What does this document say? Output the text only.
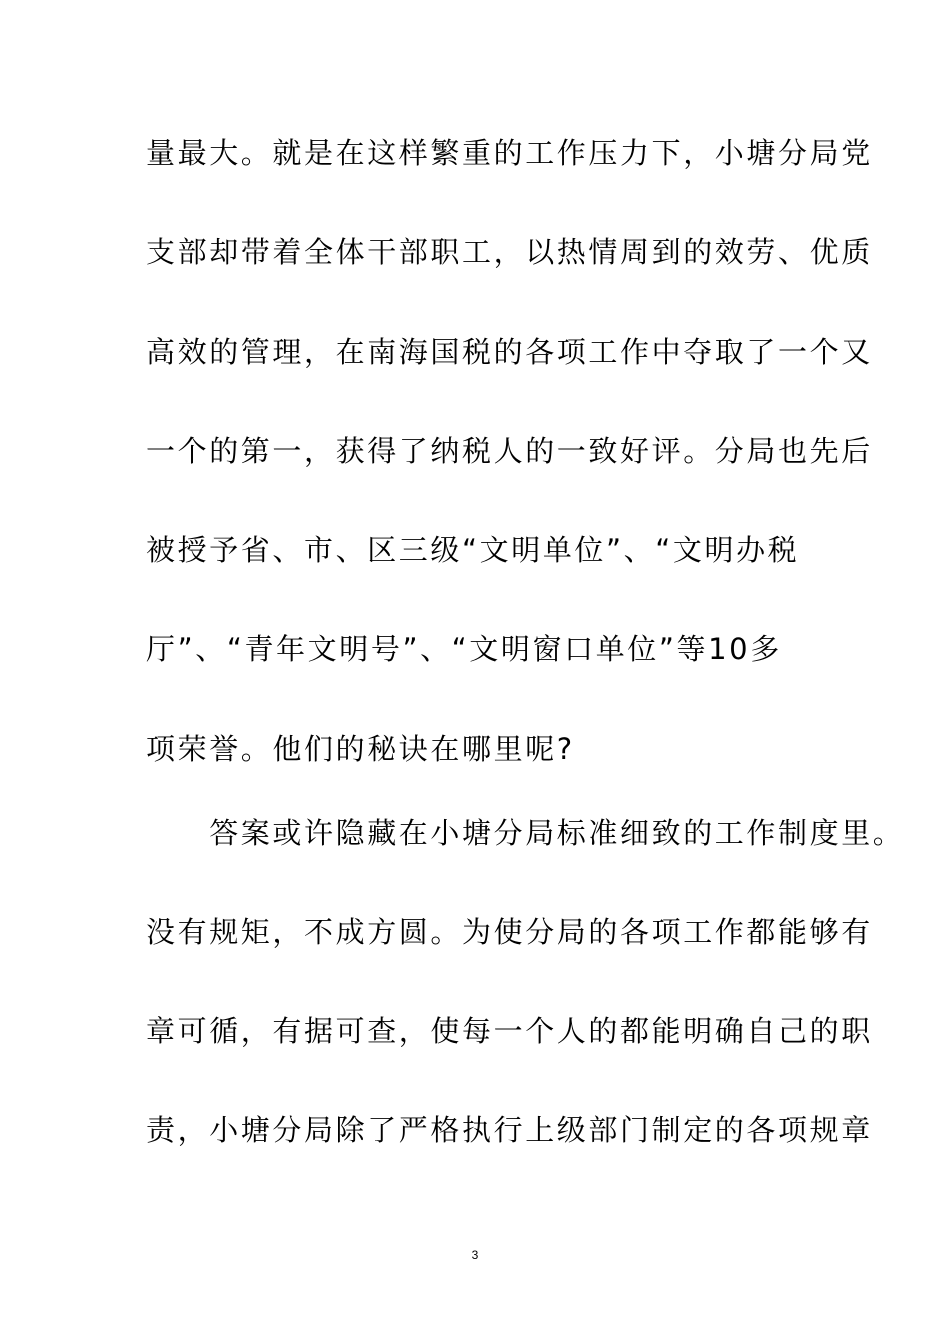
量最大。就是在这样繁重的工作压力下，小塘分局党
支部却带着全体干部职工，以热情周到的效劳、优质
高效的管理，在南海国税的各项工作中夺取了一个又
一个的第一，获得了纳税人的一致好评。分局也先后
被授予省、市、区三级“文明单位”、“文明办税
厅”、“青年文明号”、“文明窗口单位”等10多
项荣誉。他们的秘诀在哪里呢?
　　答案或许隐藏在小塘分局标准细致的工作制度里。
没有规矩，不成方圆。为使分局的各项工作都能够有
章可循，有据可查，使每一个人的都能明确自己的职
责，小塘分局除了严格执行上级部门制定的各项规章
3
